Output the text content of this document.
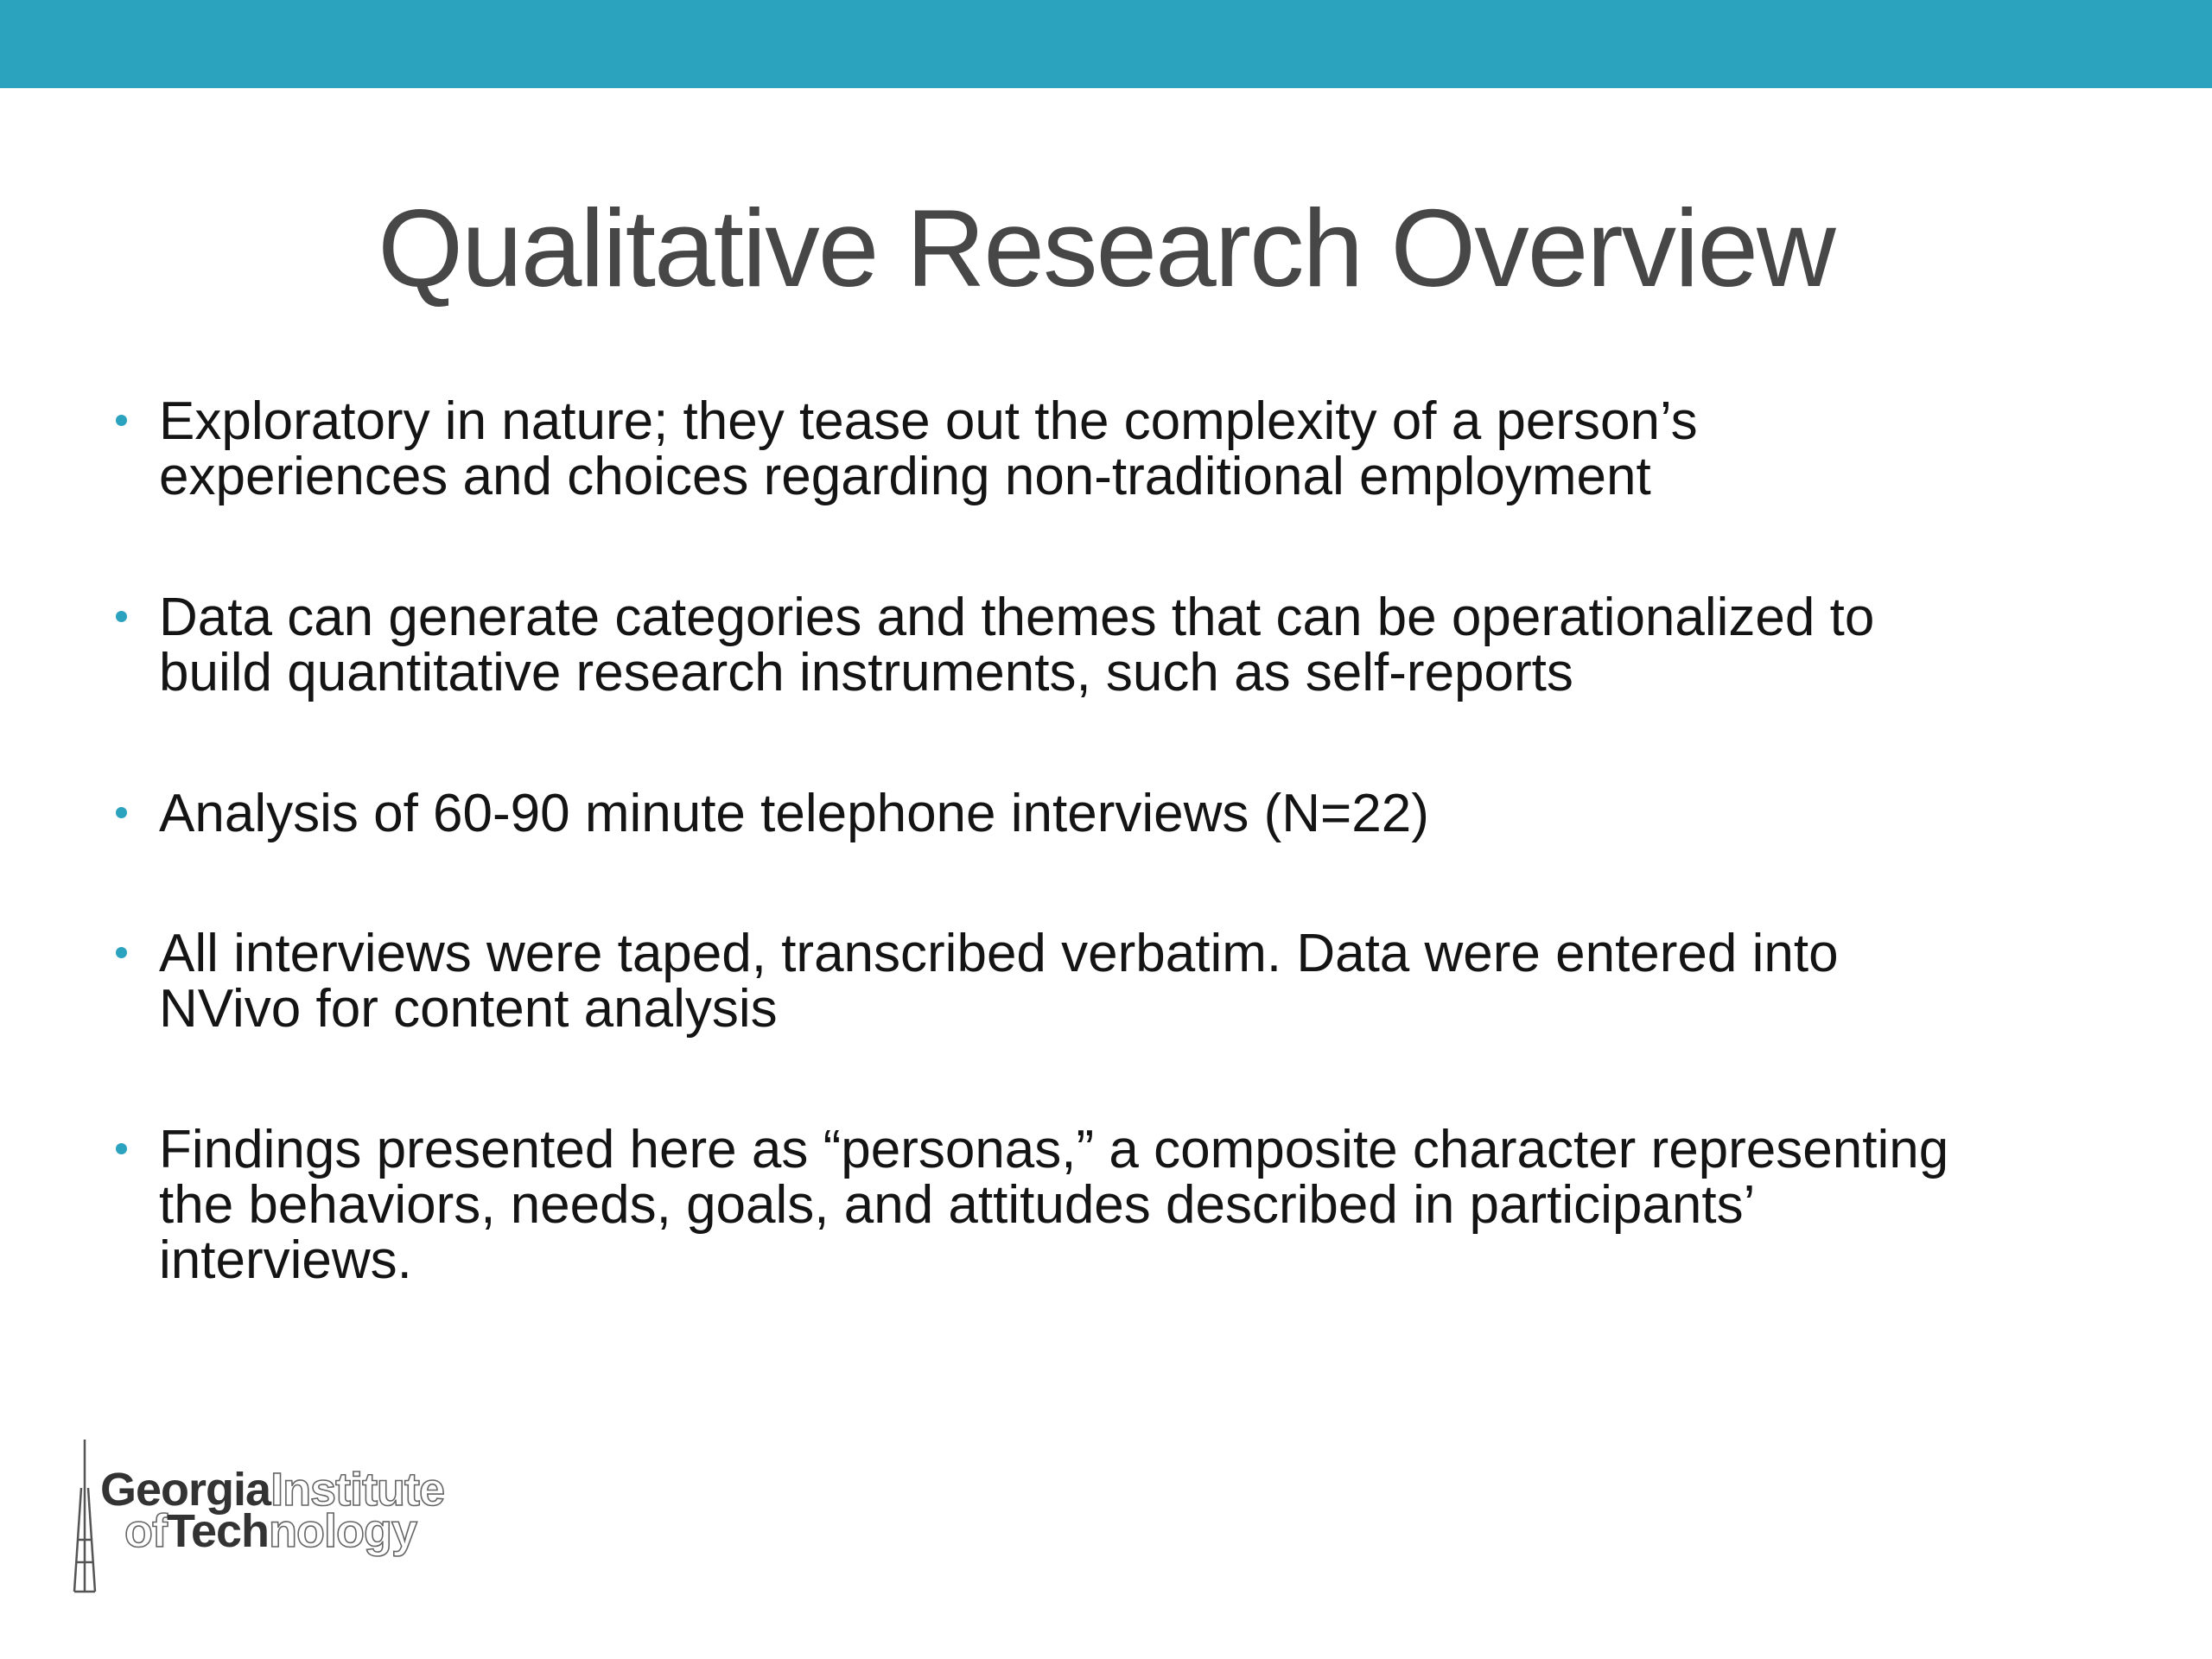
Qualitative Research Overview
Exploratory in nature; they tease out the complexity of a person’s
experiences and choices regarding non-traditional employment
Data can generate categories and themes that can be operationalized to
build quantitative research instruments, such as self-reports
Analysis of 60-90 minute telephone interviews (N=22)
All interviews were taped, transcribed verbatim. Data were entered into
NVivo for content analysis
Findings presented here as “personas,” a composite character representing
the behaviors, needs, goals, and attitudes described in participants’
interviews.
GeorgiaInstitute
ofTechnology
